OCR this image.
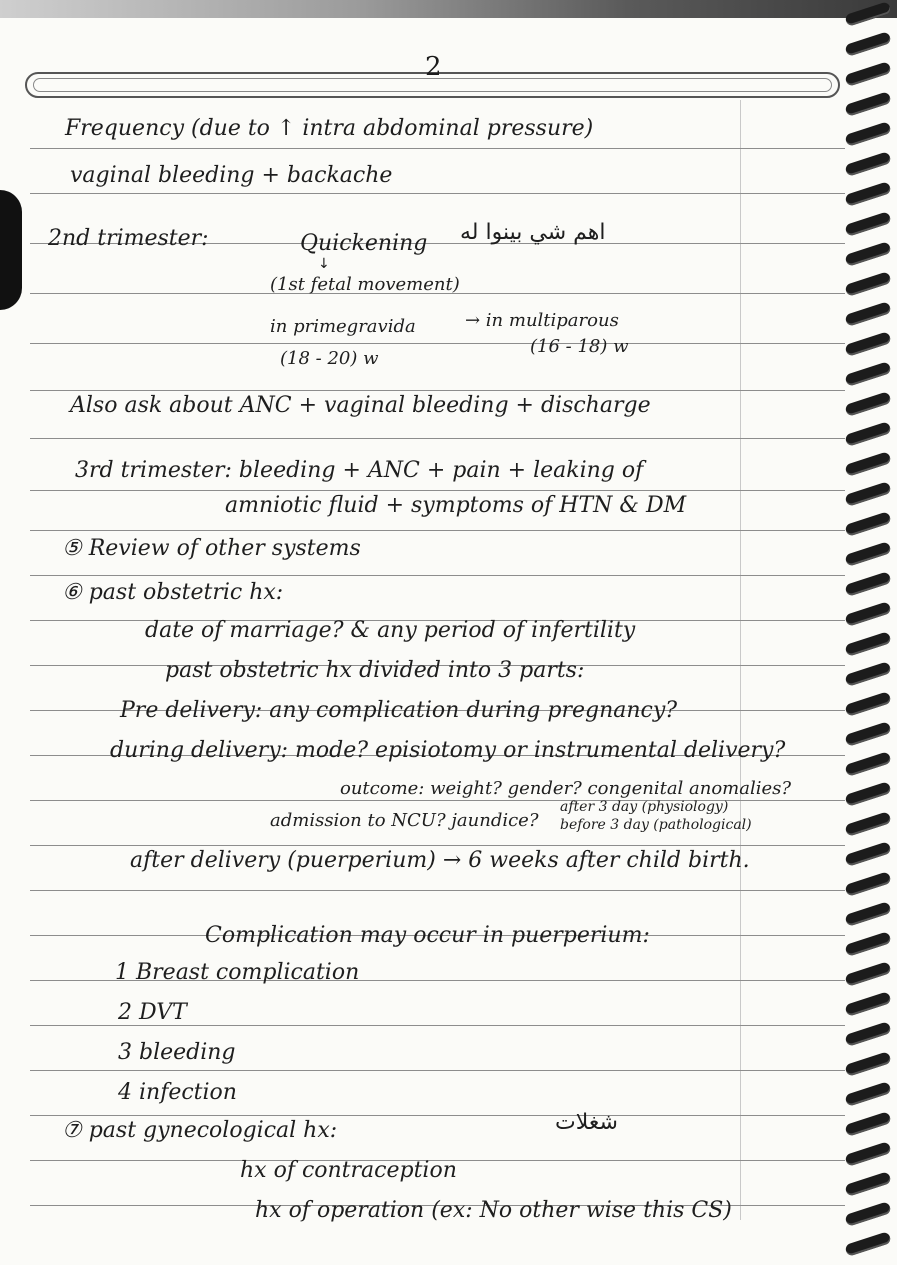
2
Frequency (due to ↑ intra abdominal pressure)
vaginal bleeding + backache
2nd trimester:	Quickening اهم شي بينوا له
↓
(1st fetal movement)
in primegravida	→ in multiparous
(18 - 20) w
(16 - 18) w
Also ask about ANC + vaginal bleeding + discharge
3rd trimester: bleeding + ANC + pain + leaking of
amniotic fluid + symptoms of HTN & DM
⑤ Review of other systems
⑥ past obstetric hx:
date of marriage? & any period of infertility
past obstetric hx divided into 3 parts:
Pre delivery: any complication during pregnancy?
during delivery: mode? episiotomy or instrumental delivery?
outcome: weight? gender? congenital anomalies?
admission to NCU? jaundice?
after 3 day (physiology)
before 3 day (pathological)
after delivery (puerperium) → 6 weeks after child birth.
Complication may occur in puerperium:
1 Breast complication
2 DVT
3 bleeding
4 infection
⑦ past gynecological hx:	شغلات
hx of contraception
hx of operation (ex: No other wise this CS)
